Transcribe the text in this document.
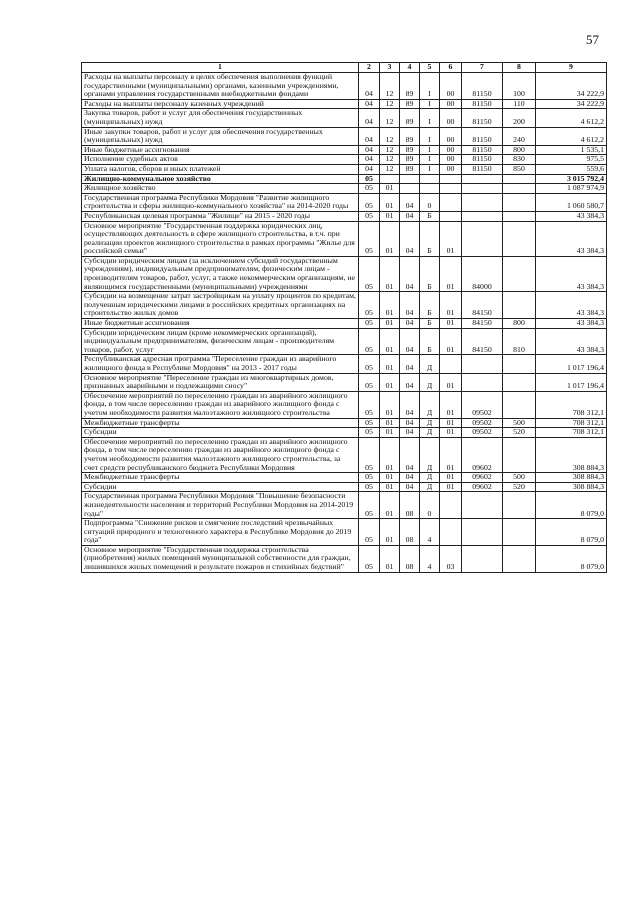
57
1	2	3	4	5	6	7	8	9
Расходы на выплаты персоналу в целях обеспечения выполнения функций государственными (муниципальными) органами, казенными учреждениями, органами управления государственными внебюджетными фондами	04	12	89	I	00	81150	100	34 222,9
Расходы на выплаты персоналу казенных учреждений	04	12	89	I	00	81150	110	34 222,9
Закупка товаров, работ и услуг для обеспечения государственных (муниципальных) нужд	04	12	89	I	00	81150	200	4 612,2
Иные закупки товаров, работ и услуг для обеспечения государственных (муниципальных) нужд	04	12	89	I	00	81150	240	4 612,2
Иные бюджетные ассигнования	04	12	89	I	00	81150	800	1 535,1
Исполнение судебных актов	04	12	89	I	00	81150	830	975,5
Уплата налогов, сборов и иных платежей	04	12	89	I	00	81150	850	559,6
Жилищно-коммунальное хозяйство	05							3 015 792,4
Жилищное хозяйство	05	01						1 087 974,9
Государственная программа Республики Мордовия "Развитие жилищного строительства и сферы жилищно-коммунального хозяйства" на 2014-2020 годы	05	01	04	0				1 060 580,7
Республиканская целевая программа "Жилище" на 2015 - 2020 годы	05	01	04	Б				43 384,3
Основное мероприятие "Государственная поддержка юридических лиц, осуществляющих деятельность в сфере жилищного строительства, в т.ч. при реализации проектов жилищного строительства в рамках программы "Жилье для российской семьи"	05	01	04	Б	01			43 384,3
Субсидии юридическим лицам (за исключением субсидий государственным учреждениям), индивидуальным предпринимателям, физическим лицам - производителям товаров, работ, услуг, а также некоммерческим организациям, не являющимся государственными (муниципальными) учреждениями	05	01	04	Б	01	84000		43 384,3
Субсидии на возмещение затрат застройщикам на уплату процентов по кредитам, полученным юридическими лицами в российских кредитных организациях на строительство жилых домов	05	01	04	Б	01	84150		43 384,3
Иные бюджетные ассигнования	05	01	04	Б	01	84150	800	43 384,3
Субсидии юридическим лицам (кроме некоммерческих организаций), индивидуальным предпринимателям, физическим лицам - производителям товаров, работ, услуг	05	01	04	Б	01	84150	810	43 384,3
Республиканская адресная программа "Переселение граждан из аварийного жилищного фонда в Республике Мордовия" на 2013 - 2017 годы	05	01	04	Д				1 017 196,4
Основное мероприятие "Переселение граждан из многоквартирных домов, признанных аварийными и подлежащими сносу"	05	01	04	Д	01			1 017 196,4
Обеспечение мероприятий по переселению граждан из аварийного жилищного фонда, в том числе переселению граждан из аварийного жилищного фонда с учетом необходимости развития малоэтажного жилищного строительства	05	01	04	Д	01	09502		708 312,1
Межбюджетные трансферты	05	01	04	Д	01	09502	500	708 312,1
Субсидии	05	01	04	Д	01	09502	520	708 312,1
Обеспечение мероприятий по переселению граждан из аварийного жилищного фонда, в том числе переселению граждан из аварийного жилищного фонда с учетом необходимости развития малоэтажного жилищного строительства, за счет средств республиканского бюджета Республики Мордовия	05	01	04	Д	01	09602		308 884,3
Межбюджетные трансферты	05	01	04	Д	01	09602	500	308 884,3
Субсидии	05	01	04	Д	01	09602	520	308 884,3
Государственная программа Республики Мордовия "Повышение безопасности жизнедеятельности населения и территорий Республики Мордовия на 2014-2019 годы"	05	01	08	0				8 079,0
Подпрограмма "Снижение рисков и смягчение последствий чрезвычайных ситуаций природного и техногенного характера в Республике Мордовия до 2019 года"	05	01	08	4				8 079,0
Основное мероприятие "Государственная поддержка строительства (приобретения) жилых помещений муниципальной собственности для граждан, лишившихся жилых помещений в результате пожаров и стихийных бедствий"	05	01	08	4	03			8 079,0
